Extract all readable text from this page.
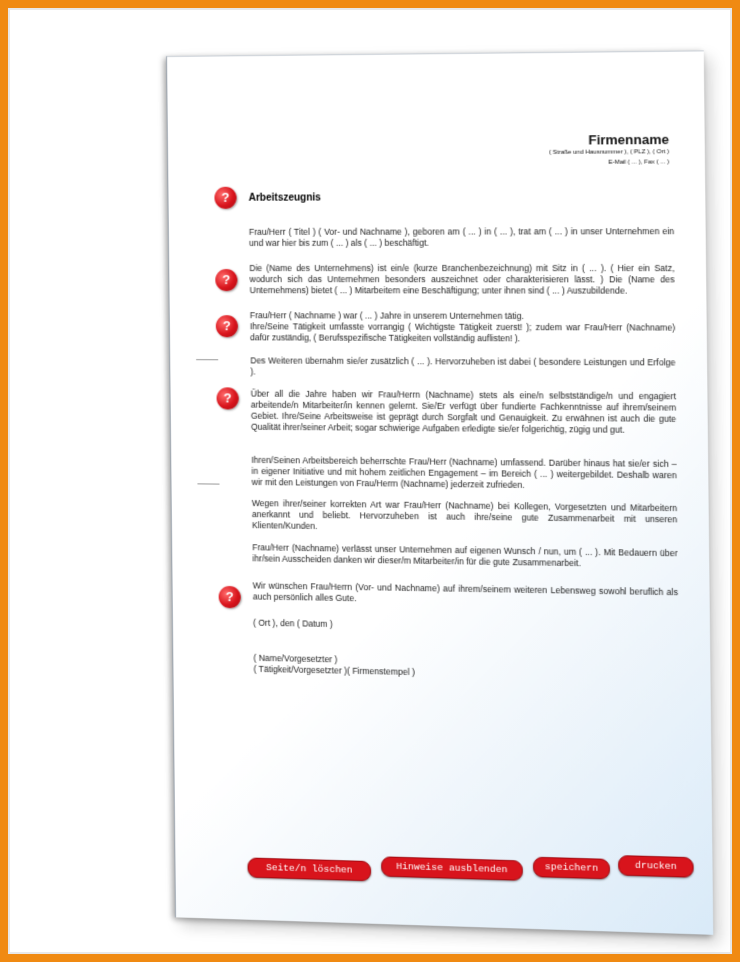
Firmenname
( Straße und Hausnummer ), ( PLZ ), ( Ort )
E-Mail ( ... ), Fax ( ... )
?	Arbeitszeugnis
Frau/Herr ( Titel ) ( Vor- und Nachname ), geboren am ( ... ) in ( ... ), trat am ( ... ) in unser Unternehmen ein und war hier bis zum ( ... ) als ( ... ) beschäftigt.
?
Die (Name des Unternehmens) ist ein/e (kurze Branchenbezeichnung) mit Sitz in ( ... ). ( Hier ein Satz, wodurch sich das Unternehmen besonders auszeichnet oder charakterisieren lässt. ) Die (Name des Unternehmens) bietet ( ... ) Mitarbeitern eine Beschäftigung; unter ihnen sind ( ... ) Auszubildende.
?
Frau/Herr ( Nachname ) war ( ... ) Jahre in unserem Unternehmen tätig.
Ihre/Seine Tätigkeit umfasste vorrangig ( Wichtigste Tätigkeit zuerst! ); zudem war Frau/Herr (Nachname) dafür zuständig, ( Berufsspezifische Tätigkeiten vollständig auflisten! ).
Des Weiteren übernahm sie/er zusätzlich ( ... ). Hervorzuheben ist dabei ( besondere Leistungen und Erfolge ).
?	Über all die Jahre haben wir Frau/Herrn (Nachname) stets als eine/n selbstständige/n und engagiert arbeitende/n Mitarbeiter/in kennen gelernt. Sie/Er verfügt über fundierte Fachkenntnisse auf ihrem/seinem Gebiet. Ihre/Seine Arbeitsweise ist geprägt durch Sorgfalt und Genauigkeit. Zu erwähnen ist auch die gute Qualität ihrer/seiner Arbeit; sogar schwierige Aufgaben erledigte sie/er folgerichtig, zügig und gut.
Ihren/Seinen Arbeitsbereich beherrschte Frau/Herr (Nachname) umfassend. Darüber hinaus hat sie/er sich – in eigener Initiative und mit hohem zeitlichen Engagement – im Bereich ( ... ) weitergebildet. Deshalb waren wir mit den Leistungen von Frau/Herrn (Nachname) jederzeit zufrieden.
Wegen ihrer/seiner korrekten Art war Frau/Herr (Nachname) bei Kollegen, Vorgesetzten und Mitarbeitern anerkannt und beliebt. Hervorzuheben ist auch ihre/seine gute Zusammenarbeit mit unseren Klienten/Kunden.
Frau/Herr (Nachname) verlässt unser Unternehmen auf eigenen Wunsch / nun, um ( ... ). Mit Bedauern über ihr/sein Ausscheiden danken wir dieser/m Mitarbeiter/in für die gute Zusammenarbeit.
?	Wir wünschen Frau/Herrn (Vor- und Nachname) auf ihrem/seinem weiteren Lebensweg sowohl beruflich als auch persönlich alles Gute.
( Ort ), den ( Datum )
( Name/Vorgesetzter )
( Tätigkeit/Vorgesetzter )( Firmenstempel )
Seite/n löschen	Hinweise ausblenden	speichern	drucken
